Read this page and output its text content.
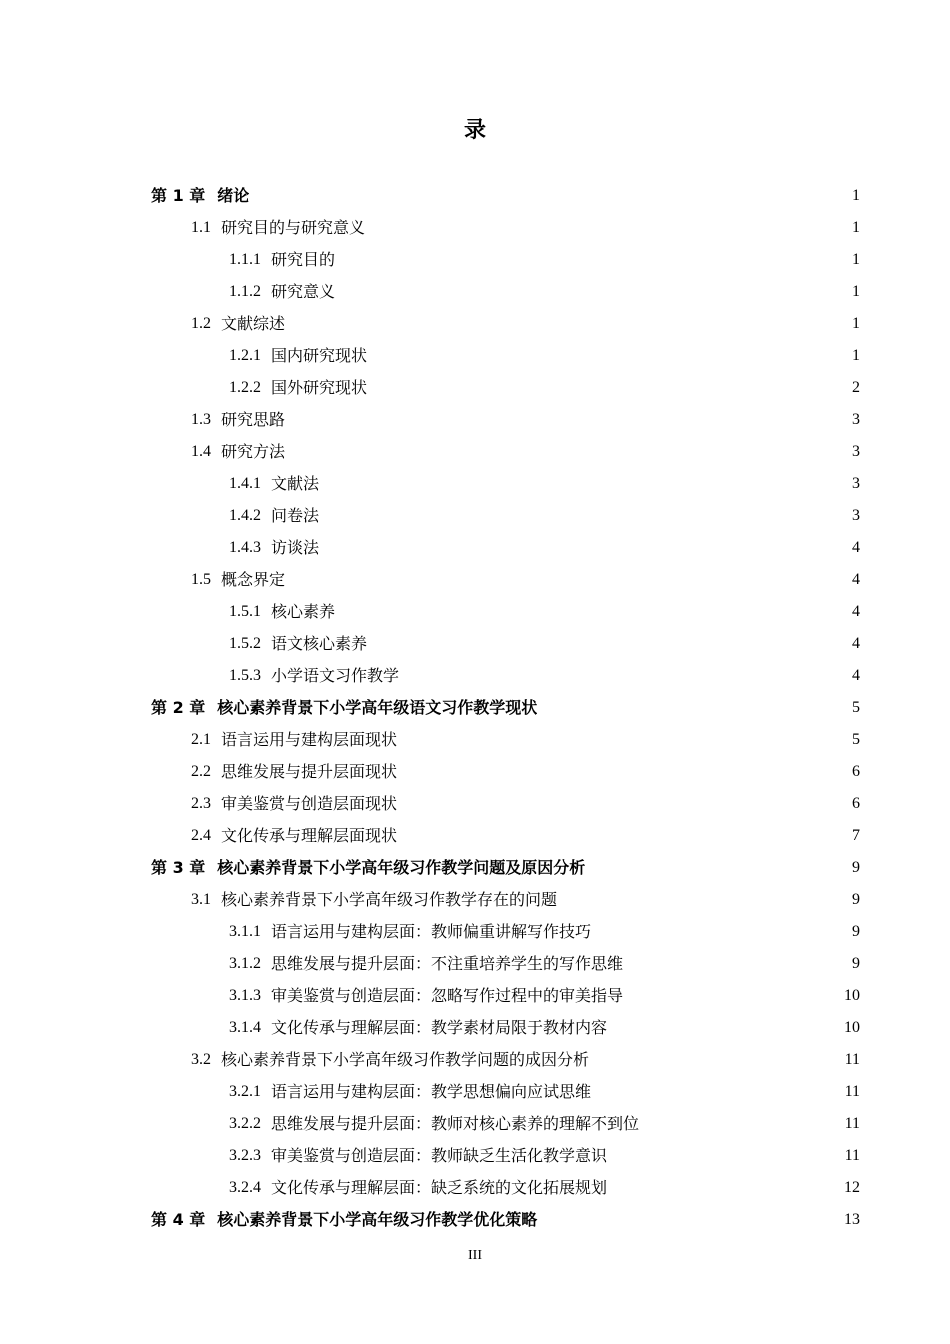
录
第 1 章 绪论	1
1.1 研究目的与研究意义	1
1.1.1 研究目的	1
1.1.2 研究意义	1
1.2 文献综述	1
1.2.1 国内研究现状	1
1.2.2 国外研究现状	2
1.3 研究思路	3
1.4 研究方法	3
1.4.1 文献法	3
1.4.2 问卷法	3
1.4.3 访谈法	4
1.5 概念界定	4
1.5.1 核心素养	4
1.5.2 语文核心素养	4
1.5.3 小学语文习作教学	4
第 2 章 核心素养背景下小学高年级语文习作教学现状	5
2.1 语言运用与建构层面现状	5
2.2 思维发展与提升层面现状	6
2.3 审美鉴赏与创造层面现状	6
2.4 文化传承与理解层面现状	7
第 3 章 核心素养背景下小学高年级习作教学问题及原因分析	9
3.1 核心素养背景下小学高年级习作教学存在的问题	9
3.1.1 语言运用与建构层面：教师偏重讲解写作技巧	9
3.1.2 思维发展与提升层面：不注重培养学生的写作思维	9
3.1.3 审美鉴赏与创造层面：忽略写作过程中的审美指导	10
3.1.4 文化传承与理解层面：教学素材局限于教材内容	10
3.2 核心素养背景下小学高年级习作教学问题的成因分析	11
3.2.1 语言运用与建构层面：教学思想偏向应试思维	11
3.2.2 思维发展与提升层面：教师对核心素养的理解不到位	11
3.2.3 审美鉴赏与创造层面：教师缺乏生活化教学意识	11
3.2.4 文化传承与理解层面：缺乏系统的文化拓展规划	12
第 4 章 核心素养背景下小学高年级习作教学优化策略	13
III
